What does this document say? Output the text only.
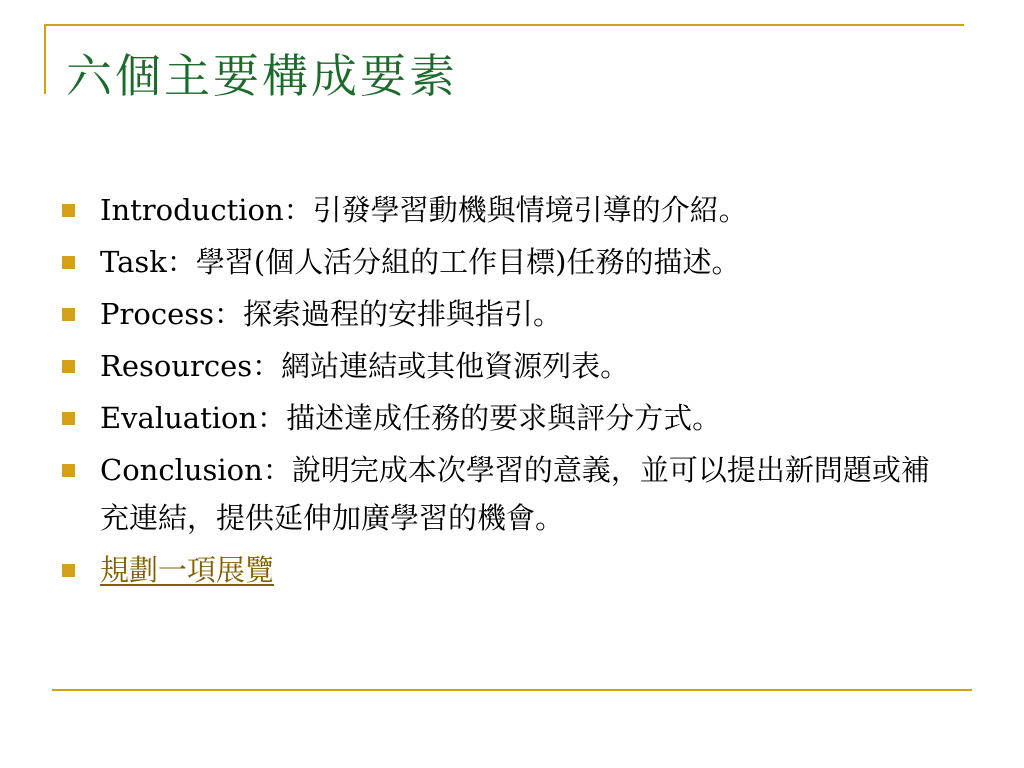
六個主要構成要素
Introduction：引發學習動機與情境引導的介紹。
Task：學習(個人活分組的工作目標)任務的描述。
Process：探索過程的安排與指引。
Resources：網站連結或其他資源列表。
Evaluation：描述達成任務的要求與評分方式。
Conclusion：說明完成本次學習的意義，並可以提出新問題或補充連結，提供延伸加廣學習的機會。
規劃一項展覽
